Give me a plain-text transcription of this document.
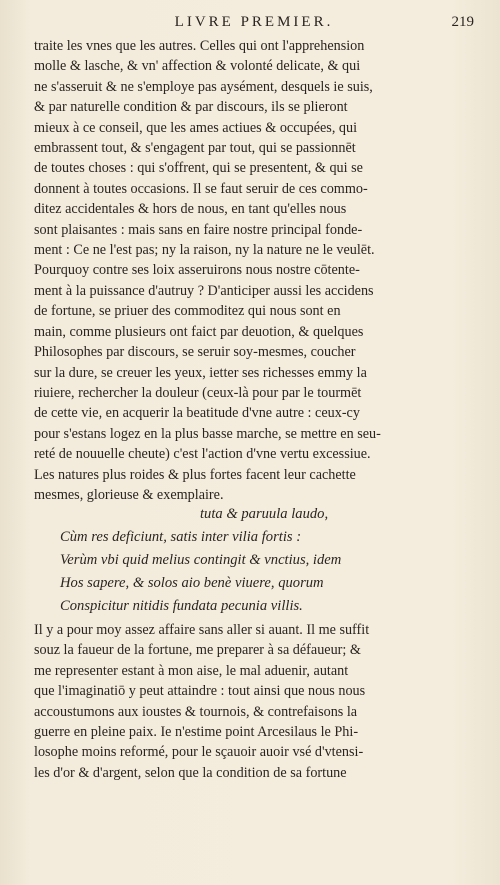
LIVRE PREMIER.	219
traite les vnes que les autres. Celles qui ont l'apprehension
molle & lasche, & vn' affection & volonté delicate, & qui
ne s'asseruit & ne s'employe pas aysément, desquels ie suis,
& par naturelle condition & par discours, ils se plieront
mieux à ce conseil, que les ames actiues & occupées, qui
embrassent tout, & s'engagent par tout, qui se passionnēt
de toutes choses : qui s'offrent, qui se presentent, & qui se
donnent à toutes occasions. Il se faut seruir de ces commo-
ditez accidentales & hors de nous, en tant qu'elles nous
sont plaisantes : mais sans en faire nostre principal fonde-
ment : Ce ne l'est pas; ny la raison, ny la nature ne le veulēt.
Pourquoy contre ses loix asseruirons nous nostre cōtente-
ment à la puissance d'autruy ? D'anticiper aussi les accidens
de fortune, se priuer des commoditez qui nous sont en
main, comme plusieurs ont faict par deuotion, & quelques
Philosophes par discours, se seruir soy-mesmes, coucher
sur la dure, se creuer les yeux, ietter ses richesses emmy la
riuiere, rechercher la douleur (ceux-là pour par le tourmēt
de cette vie, en acquerir la beatitude d'vne autre : ceux-cy
pour s'estans logez en la plus basse marche, se mettre en seu-
reté de nouuelle cheute) c'est l'action d'vne vertu excessiue.
Les natures plus roides & plus fortes facent leur cachette
mesmes, glorieuse & exemplaire.
tuta & paruula laudo,
Cùm res deficiunt, satis inter vilia fortis :
Verùm vbi quid melius contingit & vnctius, idem
Hos sapere, & solos aio benè viuere, quorum
Conspicitur nitidis fundata pecunia villis.
Il y a pour moy assez affaire sans aller si auant. Il me suffit
souz la faueur de la fortune, me preparer à sa défaueur; &
me representer estant à mon aise, le mal aduenir, autant
que l'imaginatiō y peut attaindre : tout ainsi que nous nous
accoustumons aux ioustes & tournois, & contrefaisons la
guerre en pleine paix. Ie n'estime point Arcesilaus le Phi-
losophe moins reformé, pour le sçauoir auoir vsé d'vtensi-
les d'or & d'argent, selon que la condition de sa fortune
